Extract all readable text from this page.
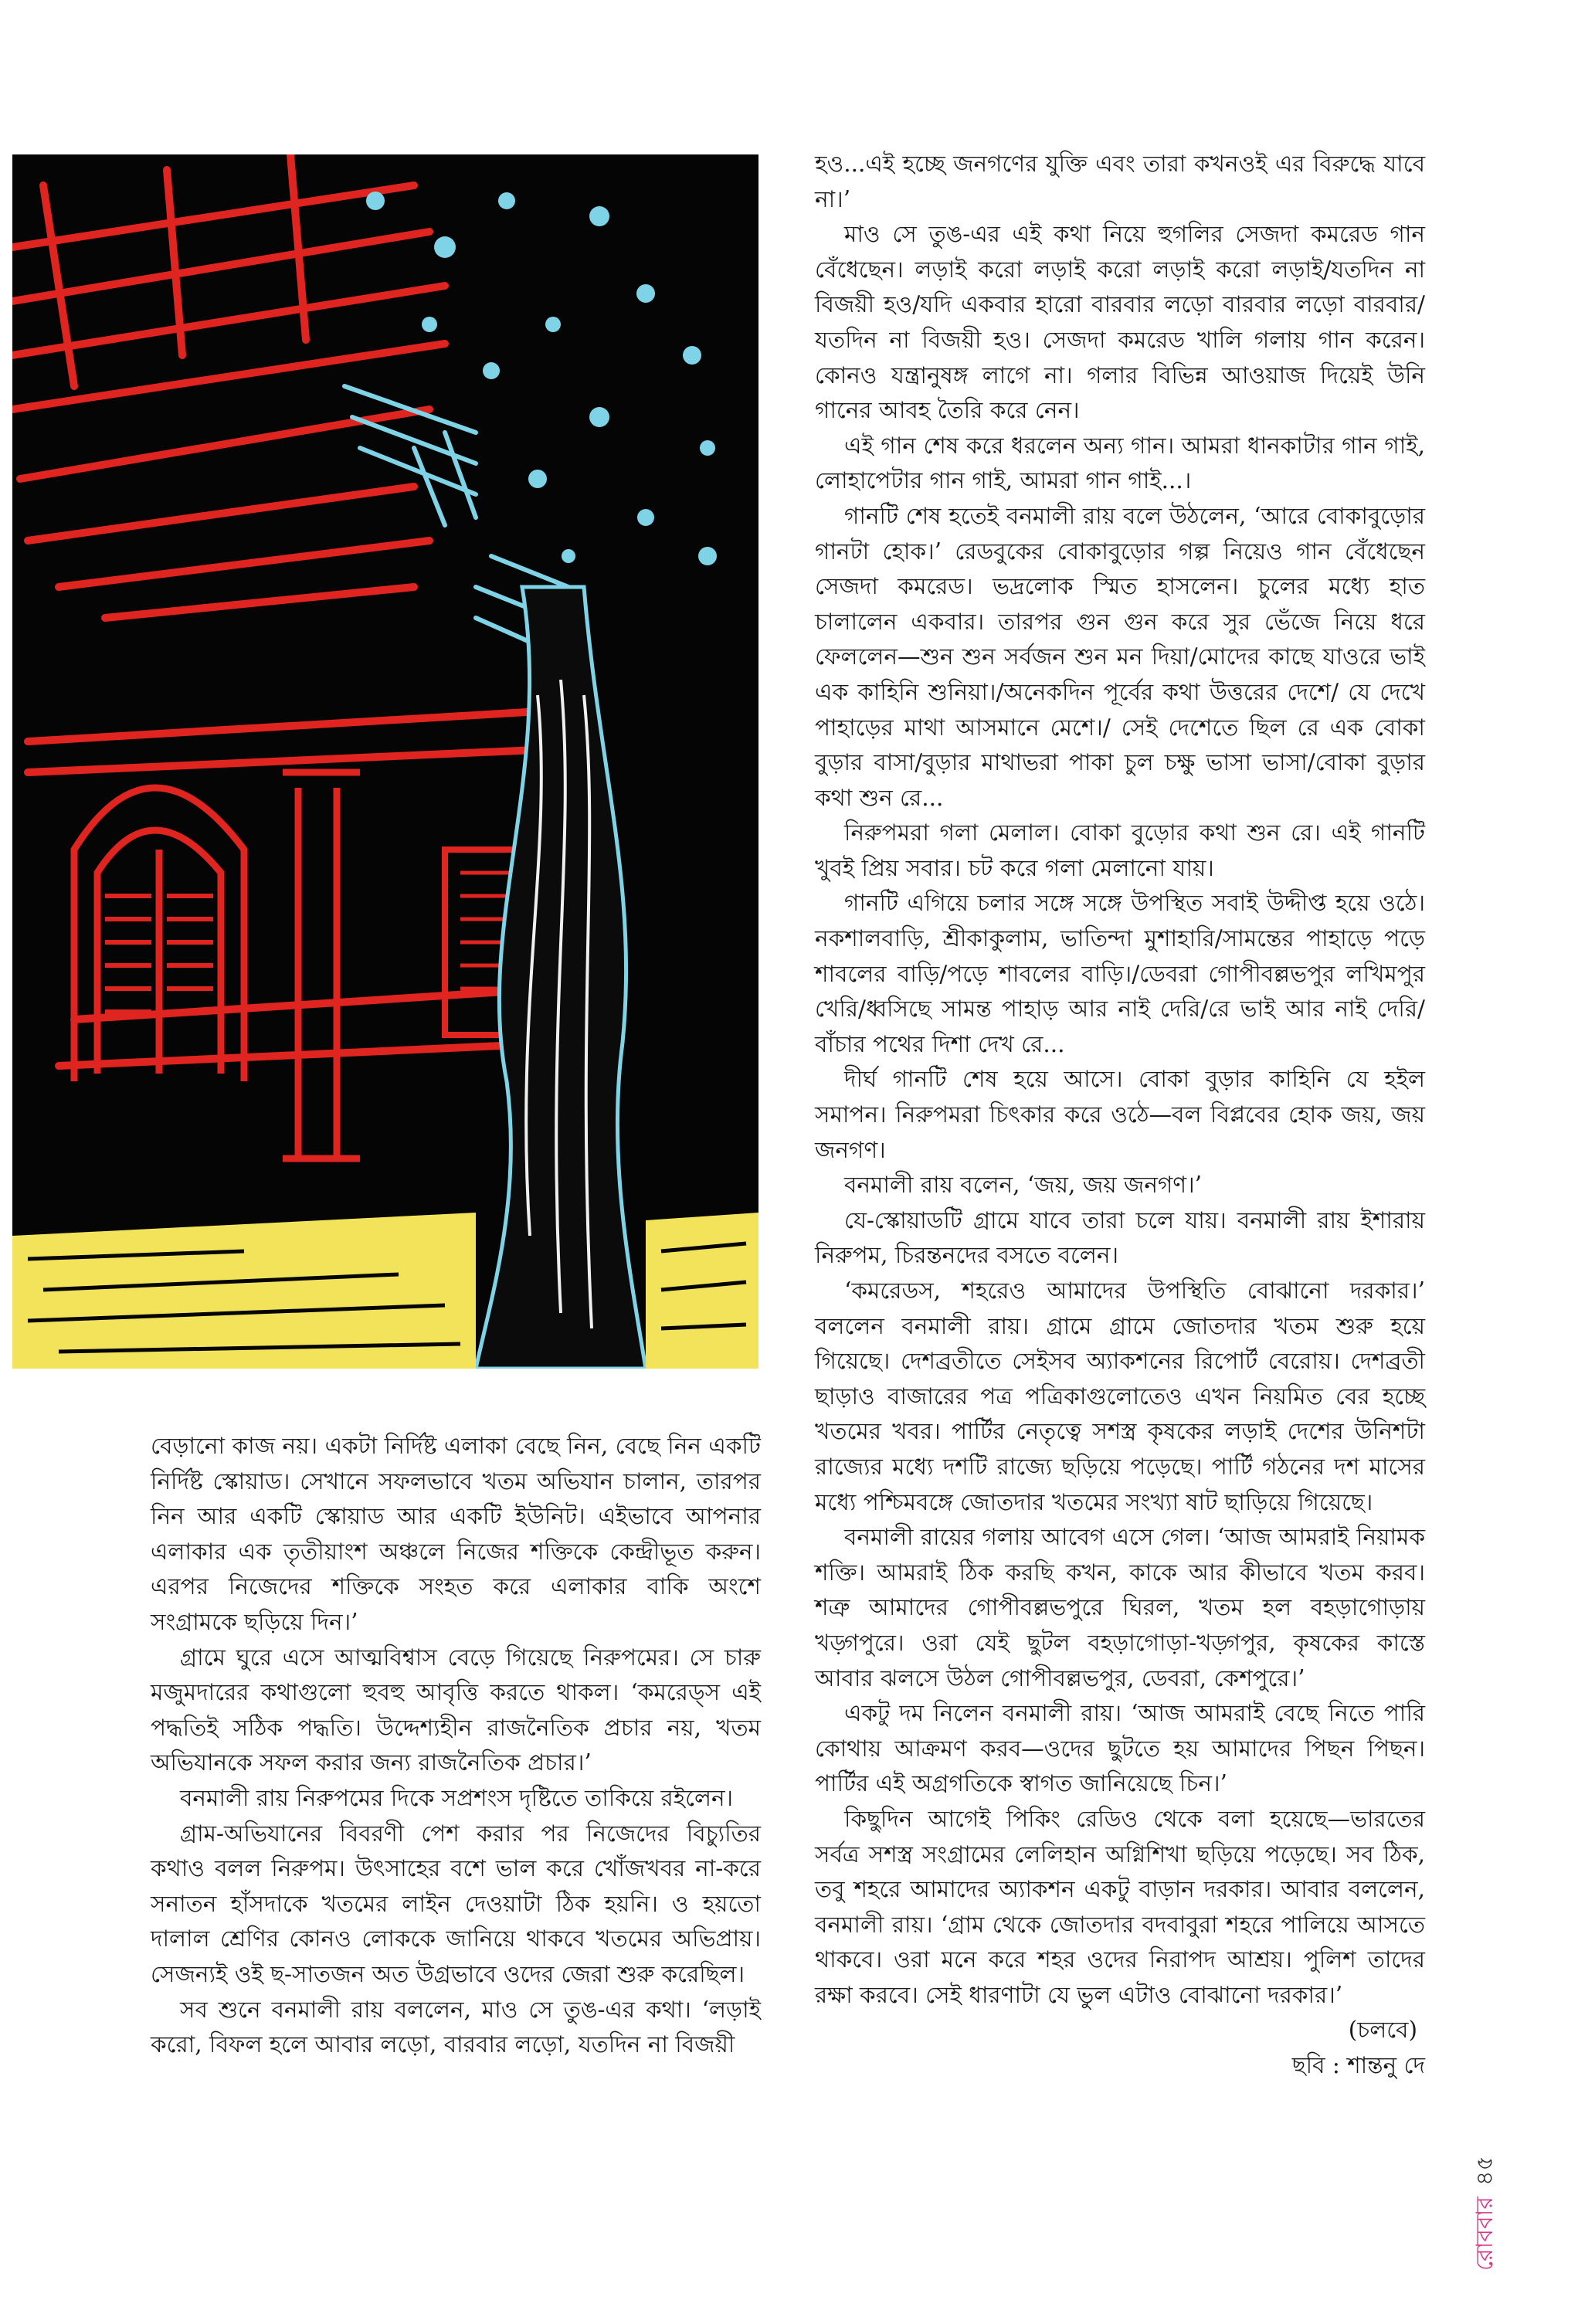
হও...এই হচ্ছে জনগণের যুক্তি এবং তারা কখনওই এর বিরুদ্ধে যাবে না।’

মাও সে তুঙ-এর এই কথা নিয়ে হুগলির সেজদা কমরেড গান বেঁধেছেন। লড়াই করো লড়াই করো লড়াই করো লড়াই/যতদিন না বিজয়ী হও/যদি একবার হারো বারবার লড়ো বারবার লড়ো বারবার/যতদিন না বিজয়ী হও। সেজদা কমরেড খালি গলায় গান করেন। কোনও যন্ত্রানুষঙ্গ লাগে না। গলার বিভিন্ন আওয়াজ দিয়েই উনি গানের আবহ তৈরি করে নেন।

এই গান শেষ করে ধরলেন অন্য গান। আমরা ধানকাটার গান গাই, লোহাপেটার গান গাই, আমরা গান গাই...।

গানটি শেষ হতেই বনমালী রায় বলে উঠলেন, ‘আরে বোকাবুড়োর গানটা হোক।’ রেডবুকের বোকাবুড়োর গল্প নিয়েও গান বেঁধেছেন সেজদা কমরেড। ভদ্রলোক স্মিত হাসলেন। চুলের মধ্যে হাত চালালেন একবার। তারপর গুন গুন করে সুর ভেঁজে নিয়ে ধরে ফেললেন—শুন শুন সর্বজন শুন মন দিয়া/মোদের কাছে যাওরে ভাই এক কাহিনি শুনিয়া।/অনেকদিন পূর্বের কথা উত্তরের দেশে/ যে দেখে পাহাড়ের মাথা আসমানে মেশে।/ সেই দেশেতে ছিল রে এক বোকা বুড়ার বাসা/বুড়ার মাথাভরা পাকা চুল চক্ষু ভাসা ভাসা/বোকা বুড়ার কথা শুন রে...

নিরুপমরা গলা মেলাল। বোকা বুড়োর কথা শুন রে। এই গানটি খুবই প্রিয় সবার। চট করে গলা মেলানো যায়।

গানটি এগিয়ে চলার সঙ্গে সঙ্গে উপস্থিত সবাই উদ্দীপ্ত হয়ে ওঠে। নকশালবাড়ি, শ্রীকাকুলাম, ভাতিন্দা মুশাহারি/সামন্তের পাহাড়ে পড়ে শাবলের বাড়ি/পড়ে শাবলের বাড়ি।/ডেবরা গোপীবল্লভপুর লখিমপুর খেরি/ধ্বসিছে সামন্ত পাহাড় আর নাই দেরি/রে ভাই আর নাই দেরি/বাঁচার পথের দিশা দেখ রে...

দীর্ঘ গানটি শেষ হয়ে আসে। বোকা বুড়ার কাহিনি যে হইল সমাপন। নিরুপমরা চিৎকার করে ওঠে—বল বিপ্লবের হোক জয়, জয় জনগণ।

বনমালী রায় বলেন, ‘জয়, জয় জনগণ।’

যে-স্কোয়াডটি গ্রামে যাবে তারা চলে যায়। বনমালী রায় ইশারায় নিরুপম, চিরন্তনদের বসতে বলেন।

‘কমরেডস, শহরেও আমাদের উপস্থিতি বোঝানো দরকার।’ বললেন বনমালী রায়। গ্রামে গ্রামে জোতদার খতম শুরু হয়ে গিয়েছে। দেশব্রতীতে সেইসব অ্যাকশনের রিপোর্ট বেরোয়। দেশব্রতী ছাড়াও বাজারের পত্র পত্রিকাগুলোতেও এখন নিয়মিত বের হচ্ছে খতমের খবর। পার্টির নেতৃত্বে সশস্ত্র কৃষকের লড়াই দেশের উনিশটা রাজ্যের মধ্যে দশটি রাজ্যে ছড়িয়ে পড়েছে। পার্টি গঠনের দশ মাসের মধ্যে পশ্চিমবঙ্গে জোতদার খতমের সংখ্যা ষাট ছাড়িয়ে গিয়েছে।

বনমালী রায়ের গলায় আবেগ এসে গেল। ‘আজ আমরাই নিয়ামক শক্তি। আমরাই ঠিক করছি কখন, কাকে আর কীভাবে খতম করব। শত্রু আমাদের গোপীবল্লভপুরে ঘিরল, খতম হল বহড়াগোড়ায় খড়্গপুরে। ওরা যেই ছুটল বহড়াগোড়া-খড়্গপুর, কৃষকের কাস্তে আবার ঝলসে উঠল গোপীবল্লভপুর, ডেবরা, কেশপুরে।’

একটু দম নিলেন বনমালী রায়। ‘আজ আমরাই বেছে নিতে পারি কোথায় আক্রমণ করব—ওদের ছুটতে হয় আমাদের পিছন পিছন। পার্টির এই অগ্রগতিকে স্বাগত জানিয়েছে চিন।’

কিছুদিন আগেই পিকিং রেডিও থেকে বলা হয়েছে—ভারতের সর্বত্র সশস্ত্র সংগ্রামের লেলিহান অগ্নিশিখা ছড়িয়ে পড়েছে। সব ঠিক, তবু শহরে আমাদের অ্যাকশন একটু বাড়ান দরকার। আবার বললেন, বনমালী রায়। ‘গ্রাম থেকে জোতদার বদবাবুরা শহরে পালিয়ে আসতে থাকবে। ওরা মনে করে শহর ওদের নিরাপদ আশ্রয়। পুলিশ তাদের রক্ষা করবে। সেই ধারণাটা যে ভুল এটাও বোঝানো দরকার।’

(চলবে)
ছবি : শান্তনু দে

বেড়ানো কাজ নয়। একটা নির্দিষ্ট এলাকা বেছে নিন, বেছে নিন একটি নির্দিষ্ট স্কোয়াড। সেখানে সফলভাবে খতম অভিযান চালান, তারপর নিন আর একটি স্কোয়াড আর একটি ইউনিট। এইভাবে আপনার এলাকার এক তৃতীয়াংশ অঞ্চলে নিজের শক্তিকে কেন্দ্রীভূত করুন। এরপর নিজেদের শক্তিকে সংহত করে এলাকার বাকি অংশে সংগ্রামকে ছড়িয়ে দিন।’

গ্রামে ঘুরে এসে আত্মবিশ্বাস বেড়ে গিয়েছে নিরুপমের। সে চারু মজুমদারের কথাগুলো হুবহু আবৃত্তি করতে থাকল। ‘কমরেড্‌স এই পদ্ধতিই সঠিক পদ্ধতি। উদ্দেশ্যহীন রাজনৈতিক প্রচার নয়, খতম অভিযানকে সফল করার জন্য রাজনৈতিক প্রচার।’

বনমালী রায় নিরুপমের দিকে সপ্রশংস দৃষ্টিতে তাকিয়ে রইলেন।

গ্রাম-অভিযানের বিবরণী পেশ করার পর নিজেদের বিচ্যুতির কথাও বলল নিরুপম। উৎসাহের বশে ভাল করে খোঁজখবর না-করে সনাতন হাঁসদাকে খতমের লাইন দেওয়াটা ঠিক হয়নি। ও হয়তো দালাল শ্রেণির কোনও লোককে জানিয়ে থাকবে খতমের অভিপ্রায়। সেজন্যই ওই ছ-সাতজন অত উগ্রভাবে ওদের জেরা শুরু করেছিল।

সব শুনে বনমালী রায় বললেন, মাও সে তুঙ-এর কথা। ‘লড়াই করো, বিফল হলে আবার লড়ো, বারবার লড়ো, যতদিন না বিজয়ী

রোববার৪৫
